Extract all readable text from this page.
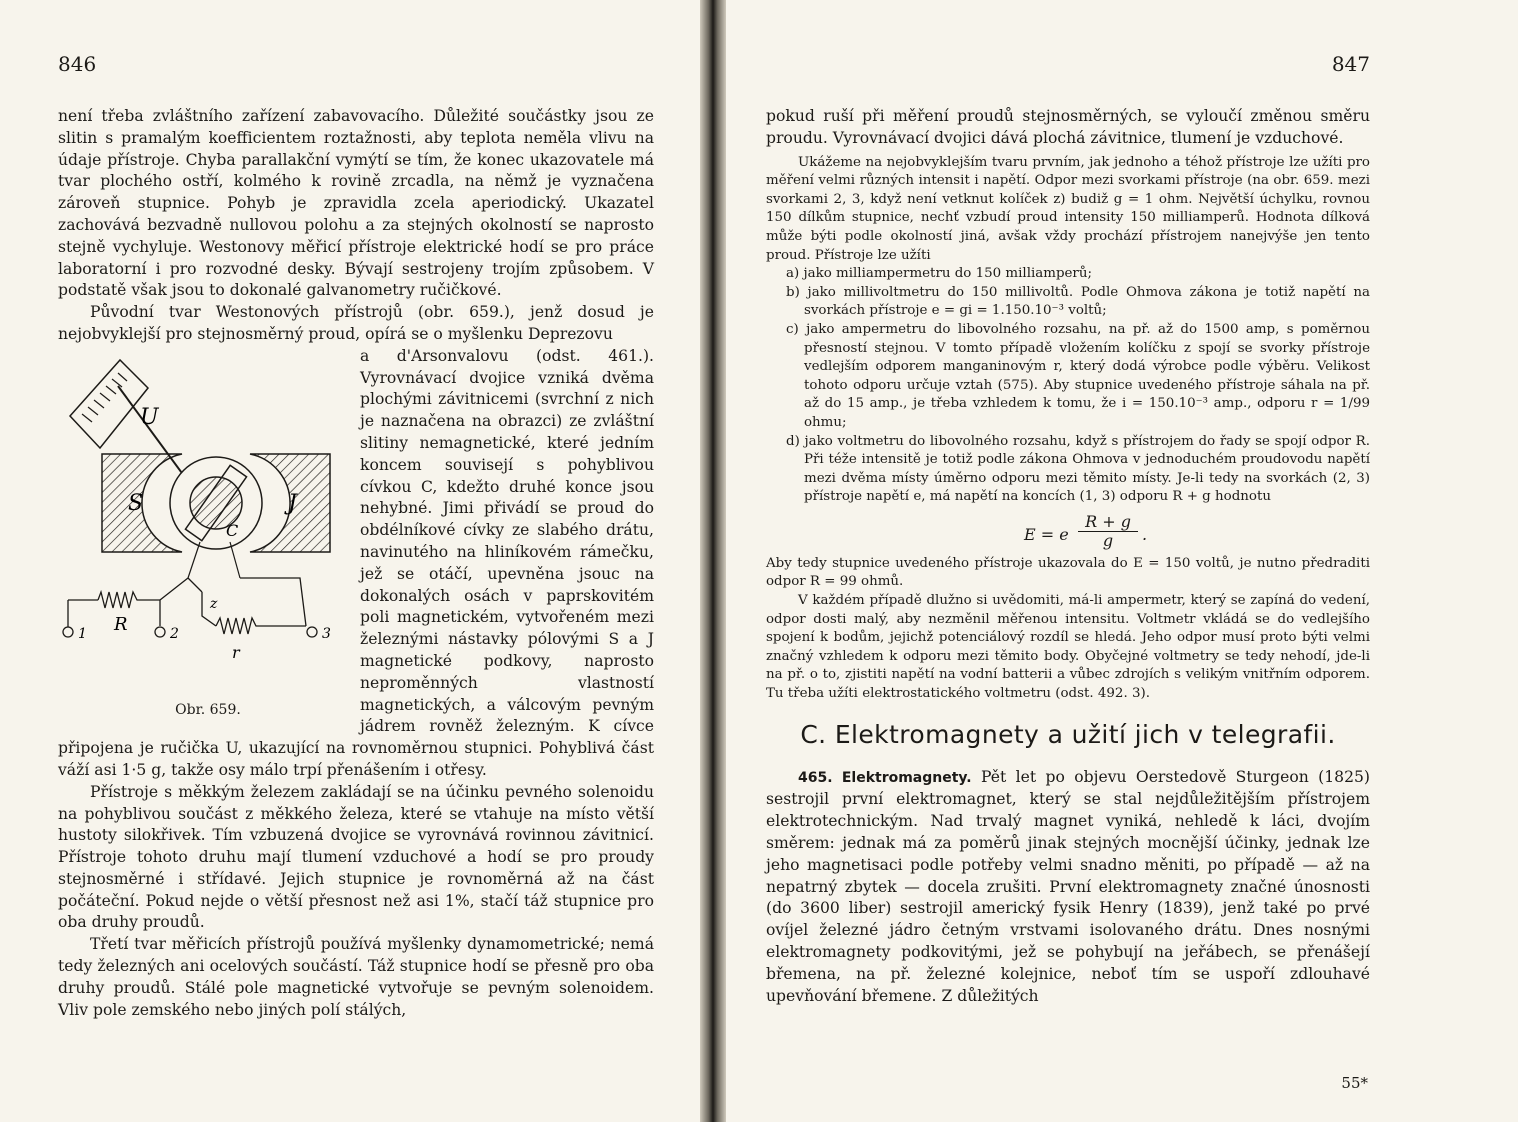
846

není třeba zvláštního zařízení zabavovacího. Důležité součástky jsou ze slitin s pramalým koefficientem roztažnosti, aby teplota neměla vlivu na údaje přístroje. Chyba parallakční vymýtí se tím, že konec ukazovatele má tvar plochého ostří, kolmého k rovině zrcadla, na němž je vyznačena zároveň stupnice. Pohyb je zpravidla zcela aperiodický. Ukazatel zachovává bezvadně nullovou polohu a za stejných okolností se naprosto stejně vychyluje. Westonovy měřicí přístroje elektrické hodí se pro práce laboratorní i pro rozvodné desky. Bývají sestrojeny trojím způsobem. V podstatě však jsou to dokonalé galvanometry ručičkové.

Původní tvar Westonových přístrojů (obr. 659.), jenž dosud je nejobvyklejší pro stejnosměrný proud, opírá se o myšlenku Deprezovu

U
S	J
C
R
z
r
1	2	3
Obr. 659.

a d'Arsonvalovu (odst. 461.). Vyrovnávací dvojice vzniká dvěma plochými závitnicemi (svrchní z nich je naznačena na obrazci) ze zvláštní slitiny nemagnetické, které jedním koncem souvisejí s pohyblivou cívkou C, kdežto druhé konce jsou nehybné. Jimi přivádí se proud do obdélníkové cívky ze slabého drátu, navinutého na hliníkovém rámečku, jež se otáčí, upevněna jsouc na dokonalých osách v paprskovitém poli magnetickém, vytvořeném mezi železnými nástavky pólovými S a J magnetické podkovy, naprosto neproměnných vlastností magnetických, a válcovým pevným jádrem rovněž železným. K cívce připojena je ručička U, ukazující na rovnoměrnou stupnici. Pohyblivá část váží asi 1·5 g, takže osy málo trpí přenášením i otřesy.

Přístroje s měkkým železem zakládají se na účinku pevného solenoidu na pohyblivou součást z měkkého železa, které se vtahuje na místo větší hustoty silokřivek. Tím vzbuzená dvojice se vyrovnává rovinnou závitnicí. Přístroje tohoto druhu mají tlumení vzduchové a hodí se pro proudy stejnosměrné i střídavé. Jejich stupnice je rovnoměrná až na část počáteční. Pokud nejde o větší přesnost než asi 1%, stačí táž stupnice pro oba druhy proudů.

Třetí tvar měřicích přístrojů používá myšlenky dynamometrické; nemá tedy železných ani ocelových součástí. Táž stupnice hodí se přesně pro oba druhy proudů. Stálé pole magnetické vytvořuje se pevným solenoidem. Vliv pole zemského nebo jiných polí stálých,

847

pokud ruší při měření proudů stejnosměrných, se vyloučí změnou směru proudu. Vyrovnávací dvojici dává plochá závitnice, tlumení je vzduchové.

Ukážeme na nejobvyklejším tvaru prvním, jak jednoho a téhož přístroje lze užíti pro měření velmi různých intensit i napětí. Odpor mezi svorkami přístroje (na obr. 659. mezi svorkami 2, 3, když není vetknut kolíček z) budiž g = 1 ohm. Největší úchylku, rovnou 150 dílkům stupnice, nechť vzbudí proud intensity 150 milliamperů. Hodnota dílková může býti podle okolností jiná, avšak vždy prochází přístrojem nanejvýše jen tento proud. Přístroje lze užíti

a) jako milliampermetru do 150 milliamperů;

b) jako millivoltmetru do 150 millivoltů. Podle Ohmova zákona je totiž napětí na svorkách přístroje e = gi = 1.150.10⁻³ voltů;

c) jako ampermetru do libovolného rozsahu, na př. až do 1500 amp, s poměrnou přesností stejnou. V tomto případě vložením kolíčku z spojí se svorky přístroje vedlejším odporem manganinovým r, který dodá výrobce podle výběru. Velikost tohoto odporu určuje vztah (575). Aby stupnice uvedeného přístroje sáhala na př. až do 15 amp., je třeba vzhledem k tomu, že i = 150.10⁻³ amp., odporu r = 1/99 ohmu;

d) jako voltmetru do libovolného rozsahu, když s přístrojem do řady se spojí odpor R. Při téže intensitě je totiž podle zákona Ohmova v jednoduchém proudovodu napětí mezi dvěma místy úměrno odporu mezi těmito místy. Je-li tedy na svorkách (2, 3) přístroje napětí e, má napětí na koncích (1, 3) odporu R + g hodnotu

E = e $\frac{R + g}{g}$ .

Aby tedy stupnice uvedeného přístroje ukazovala do E = 150 voltů, je nutno předraditi odpor R = 99 ohmů.

V každém případě dlužno si uvědomiti, má-li ampermetr, který se zapíná do vedení, odpor dosti malý, aby nezměnil měřenou intensitu. Voltmetr vkládá se do vedlejšího spojení k bodům, jejichž potenciálový rozdíl se hledá. Jeho odpor musí proto býti velmi značný vzhledem k odporu mezi těmito body. Obyčejné voltmetry se tedy nehodí, jde-li na př. o to, zjistiti napětí na vodní batterii a vůbec zdrojích s velikým vnitřním odporem. Tu třeba užíti elektrostatického voltmetru (odst. 492. 3).

C. Elektromagnety a užití jich v telegrafii.

465. Elektromagnety. Pět let po objevu Oerstedově Sturgeon (1825) sestrojil první elektromagnet, který se stal nejdůležitějším přístrojem elektrotechnickým. Nad trvalý magnet vyniká, nehledě k láci, dvojím směrem: jednak má za poměrů jinak stejných mocnější účinky, jednak lze jeho magnetisaci podle potřeby velmi snadno měniti, po případě — až na nepatrný zbytek — docela zrušiti. První elektromagnety značné únosnosti (do 3600 liber) sestrojil americký fysik Henry (1839), jenž také po prvé ovíjel železné jádro četným vrstvami isolovaného drátu. Dnes nosnými elektromagnety podkovitými, jež se pohybují na jeřábech, se přenášejí břemena, na př. železné kolejnice, neboť tím se uspoří zdlouhavé upevňování břemene. Z důležitých

55*
